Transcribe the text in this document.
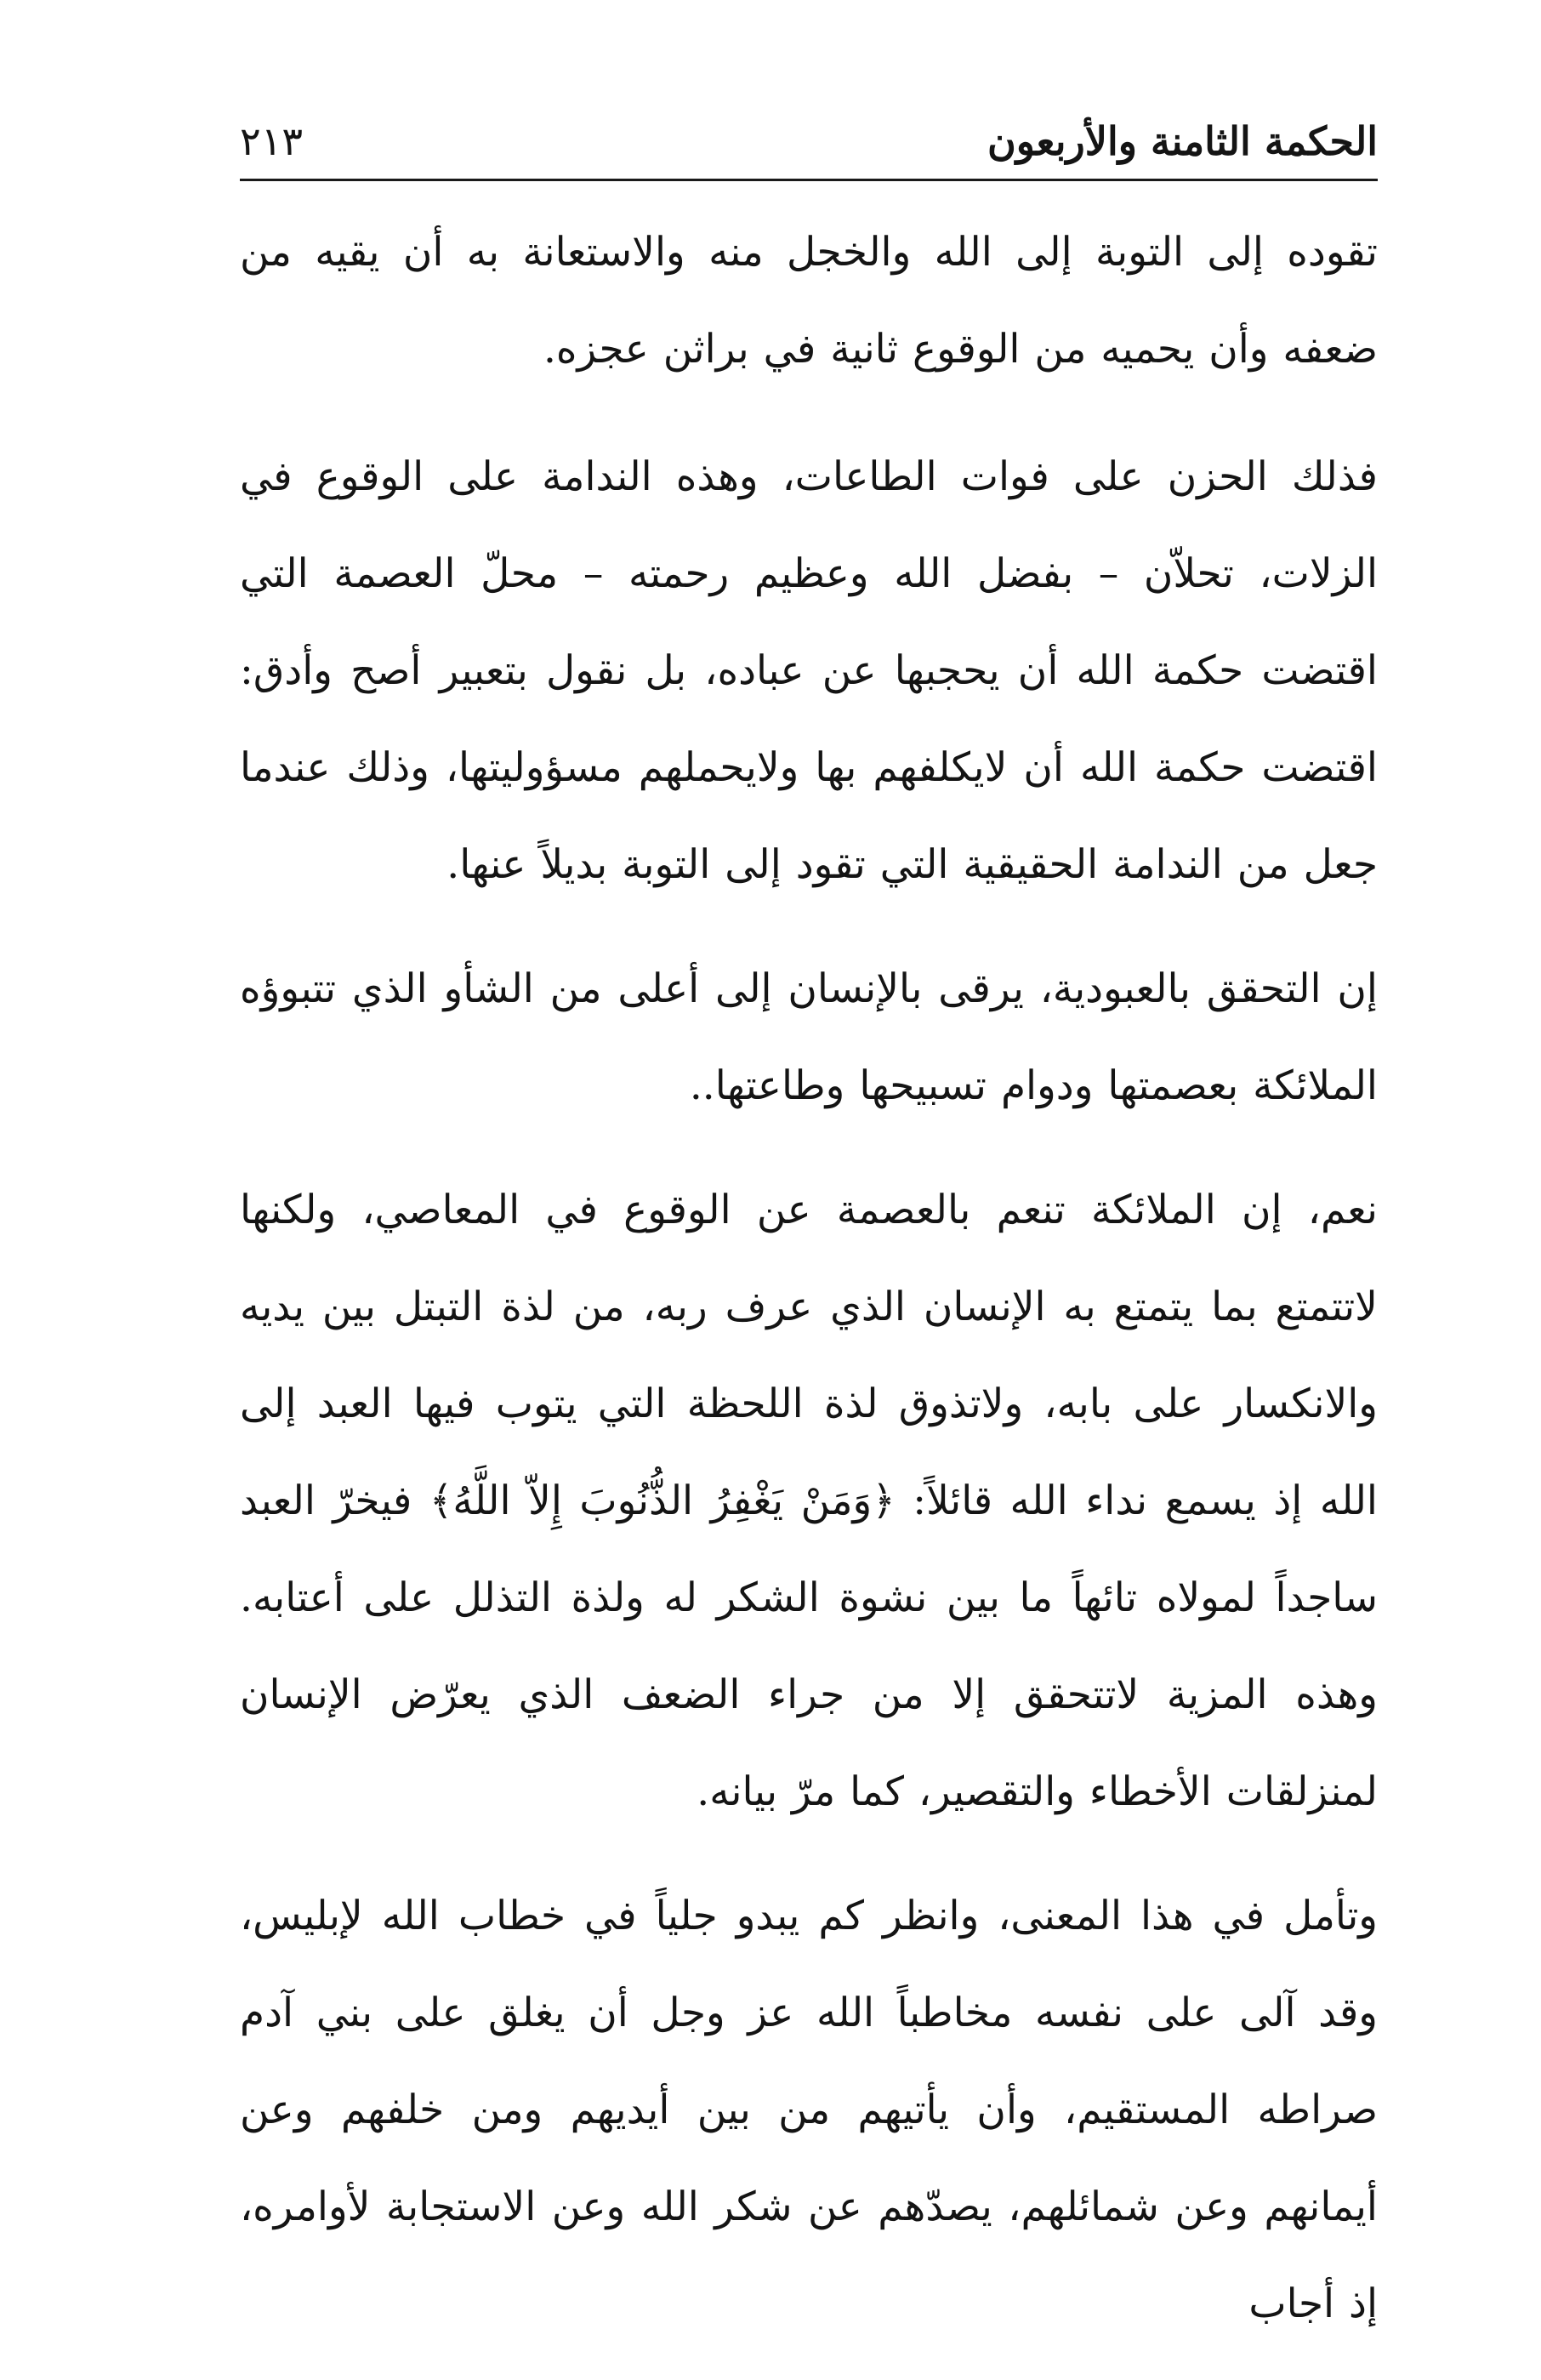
٢١٣	الحكمة الثامنة والأربعون

تقوده إلى التوبة إلى الله والخجل منه والاستعانة به أن يقيه من ضعفه وأن يحميه من الوقوع ثانية في براثن عجزه.

فذلك الحزن على فوات الطاعات، وهذه الندامة على الوقوع في الزلات، تحلاّن – بفضل الله وعظيم رحمته – محلّ العصمة التي اقتضت حكمة الله أن يحجبها عن عباده، بل نقول بتعبير أصح وأدق: اقتضت حكمة الله أن لايكلفهم بها ولايحملهم مسؤوليتها، وذلك عندما جعل من الندامة الحقيقية التي تقود إلى التوبة بديلاً عنها.

إن التحقق بالعبودية، يرقى بالإنسان إلى أعلى من الشأو الذي تتبوؤه الملائكة بعصمتها ودوام تسبيحها وطاعتها..

نعم، إن الملائكة تنعم بالعصمة عن الوقوع في المعاصي، ولكنها لاتتمتع بما يتمتع به الإنسان الذي عرف ربه، من لذة التبتل بين يديه والانكسار على بابه، ولاتذوق لذة اللحظة التي يتوب فيها العبد إلى الله إذ يسمع نداء الله قائلاً: ﴿وَمَنْ يَغْفِرُ الذُّنُوبَ إِلاّ اللَّهُ﴾ فيخرّ العبد ساجداً لمولاه تائهاً ما بين نشوة الشكر له ولذة التذلل على أعتابه. وهذه المزية لاتتحقق إلا من جراء الضعف الذي يعرّض الإنسان لمنزلقات الأخطاء والتقصير، كما مرّ بيانه.

وتأمل في هذا المعنى، وانظر كم يبدو جلياً في خطاب الله لإبليس، وقد آلى على نفسه مخاطباً الله عز وجل أن يغلق على بني آدم صراطه المستقيم، وأن يأتيهم من بين أيديهم ومن خلفهم وعن أيمانهم وعن شمائلهم، يصدّهم عن شكر الله وعن الاستجابة لأوامره، إذ أجاب
